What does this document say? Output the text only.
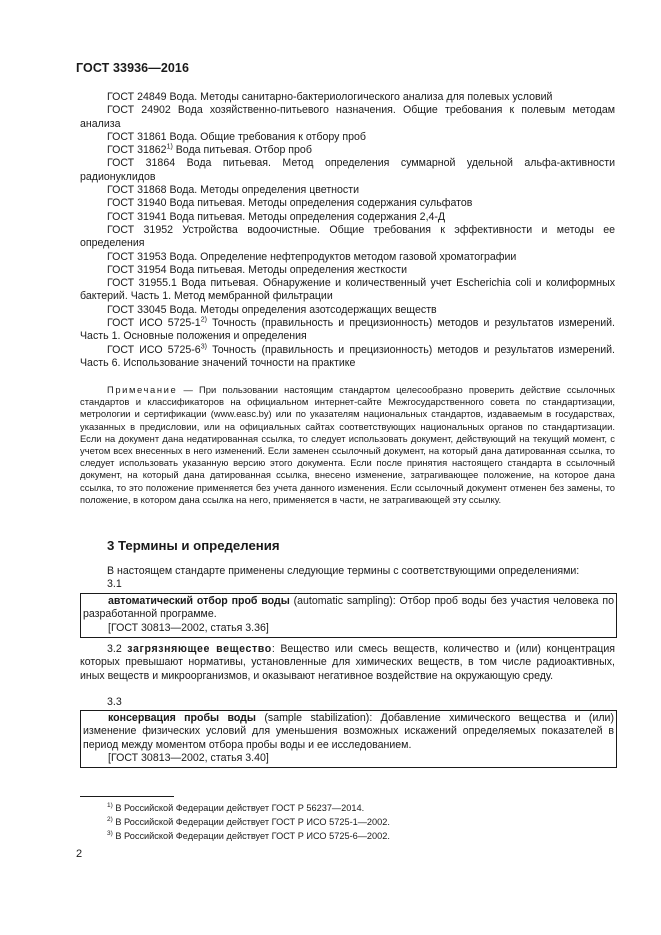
ГОСТ 33936—2016
ГОСТ 24849 Вода. Методы санитарно-бактериологического анализа для полевых условий
ГОСТ 24902 Вода хозяйственно-питьевого назначения. Общие требования к полевым методам анализа
ГОСТ 31861 Вода. Общие требования к отбору проб
ГОСТ 31862$^{1)}$ Вода питьевая. Отбор проб
ГОСТ 31864 Вода питьевая. Метод определения суммарной удельной альфа-активности радионуклидов
ГОСТ 31868 Вода. Методы определения цветности
ГОСТ 31940 Вода питьевая. Методы определения содержания сульфатов
ГОСТ 31941 Вода питьевая. Методы определения содержания 2,4-Д
ГОСТ 31952 Устройства водоочистные. Общие требования к эффективности и методы ее определения
ГОСТ 31953 Вода. Определение нефтепродуктов методом газовой хроматографии
ГОСТ 31954 Вода питьевая. Методы определения жесткости
ГОСТ 31955.1 Вода питьевая. Обнаружение и количественный учет Escherichia coli и колиформных бактерий. Часть 1. Метод мембранной фильтрации
ГОСТ 33045 Вода. Методы определения азотсодержащих веществ
ГОСТ ИСО 5725-1$^{2)}$ Точность (правильность и прецизионность) методов и результатов измерений. Часть 1. Основные положения и определения
ГОСТ ИСО 5725-6$^{3)}$ Точность (правильность и прецизионность) методов и результатов измерений. Часть 6. Использование значений точности на практике
Примечание — При пользовании настоящим стандартом целесообразно проверить действие ссылочных стандартов и классификаторов на официальном интернет-сайте Межгосударственного совета по стандартизации, метрологии и сертификации (www.easc.by) или по указателям национальных стандартов, издаваемым в государствах, указанных в предисловии, или на официальных сайтах соответствующих национальных органов по стандартизации. Если на документ дана недатированная ссылка, то следует использовать документ, действующий на текущий момент, с учетом всех внесенных в него изменений. Если заменен ссылочный документ, на который дана датированная ссылка, то следует использовать указанную версию этого документа. Если после принятия настоящего стандарта в ссылочный документ, на который дана датированная ссылка, внесено изменение, затрагивающее положение, на которое дана ссылка, то это положение применяется без учета данного изменения. Если ссылочный документ отменен без замены, то положение, в котором дана ссылка на него, применяется в части, не затрагивающей эту ссылку.
3 Термины и определения
В настоящем стандарте применены следующие термины с соответствующими определениями:
3.1
автоматический отбор проб воды (automatic sampling): Отбор проб воды без участия человека по разработанной программе.
[ГОСТ 30813—2002, статья 3.36]
3.2 загрязняющее вещество: Вещество или смесь веществ, количество и (или) концентрация которых превышают нормативы, установленные для химических веществ, в том числе радиоактивных, иных веществ и микроорганизмов, и оказывают негативное воздействие на окружающую среду.
3.3
консервация пробы воды (sample stabilization): Добавление химического вещества и (или) изменение физических условий для уменьшения возможных искажений определяемых показателей в период между моментом отбора пробы воды и ее исследованием.
[ГОСТ 30813—2002, статья 3.40]
$^{1)}$ В Российской Федерации действует ГОСТ Р 56237—2014.
$^{2)}$ В Российской Федерации действует ГОСТ Р ИСО 5725-1—2002.
$^{3)}$ В Российской Федерации действует ГОСТ Р ИСО 5725-6—2002.
2
